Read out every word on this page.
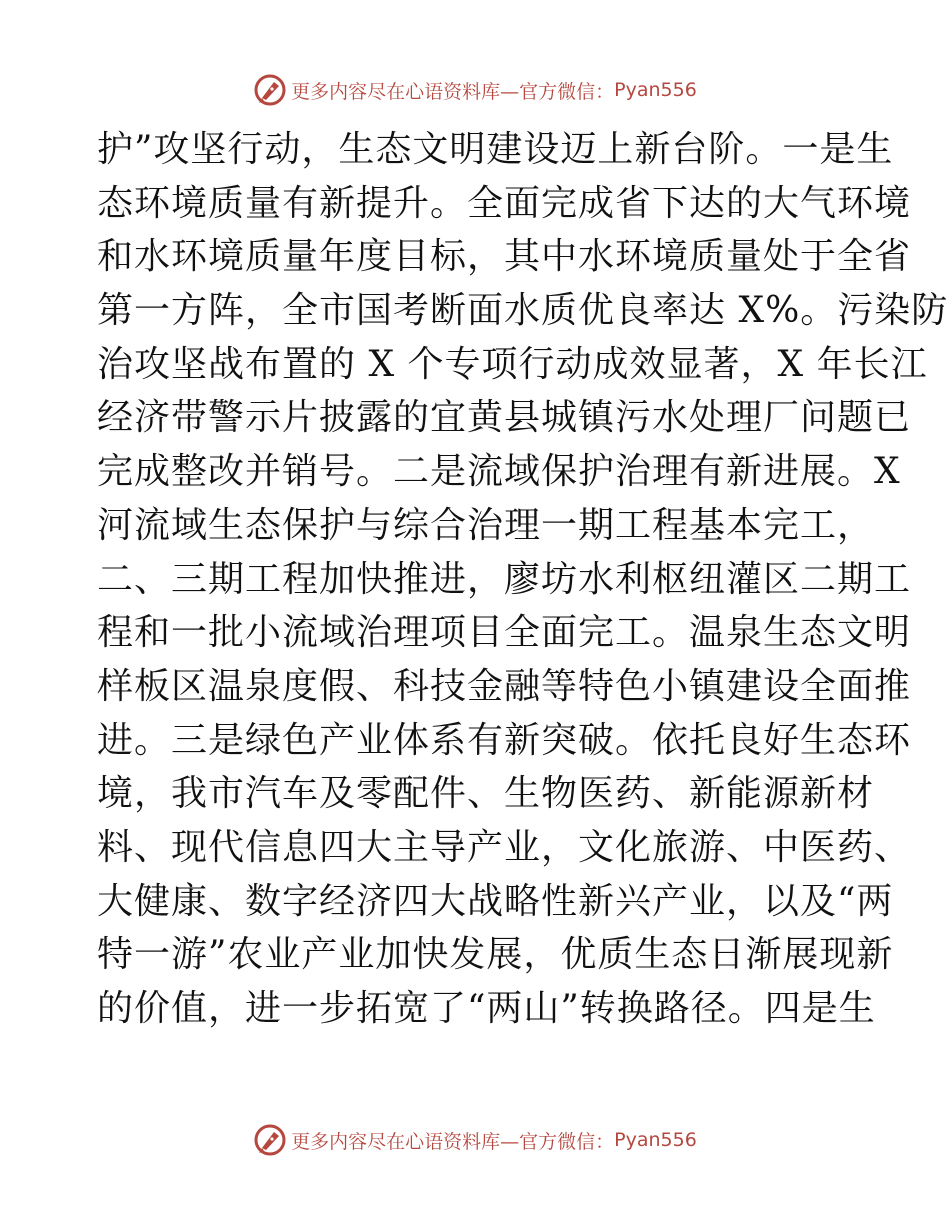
更多内容尽在心语资料库—官方微信： Pyan556
护”攻坚行动，生态文明建设迈上新台阶。一是生
态环境质量有新提升。全面完成省下达的大气环境
和水环境质量年度目标，其中水环境质量处于全省
第一方阵，全市国考断面水质优良率达 X%。污染防
治攻坚战布置的 X 个专项行动成效显著，X 年长江
经济带警示片披露的宜黄县城镇污水处理厂问题已
完成整改并销号。二是流域保护治理有新进展。X
河流域生态保护与综合治理一期工程基本完工，
二、三期工程加快推进，廖坊水利枢纽灌区二期工
程和一批小流域治理项目全面完工。温泉生态文明
样板区温泉度假、科技金融等特色小镇建设全面推
进。三是绿色产业体系有新突破。依托良好生态环
境，我市汽车及零配件、生物医药、新能源新材
料、现代信息四大主导产业，文化旅游、中医药、
大健康、数字经济四大战略性新兴产业，以及“两
特一游”农业产业加快发展，优质生态日渐展现新
的价值，进一步拓宽了“两山”转换路径。四是生
更多内容尽在心语资料库—官方微信： Pyan556
